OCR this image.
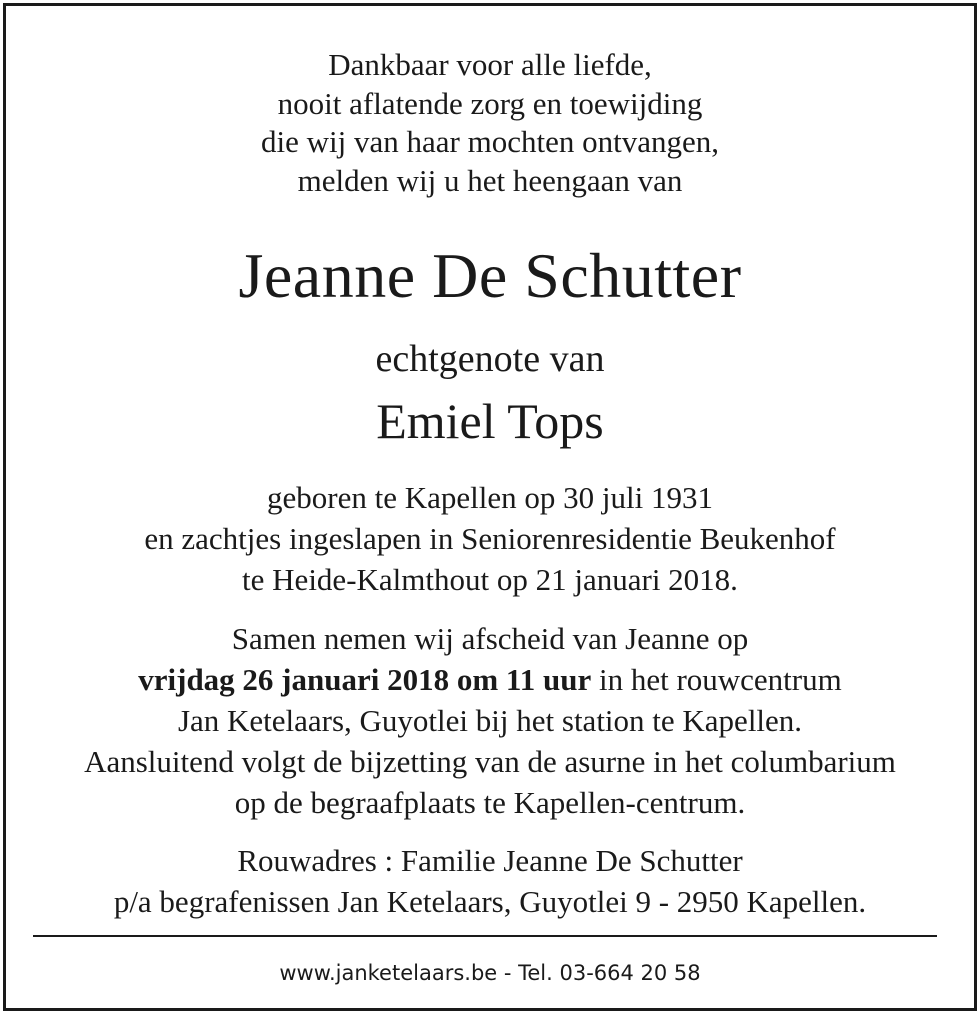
Dankbaar voor alle liefde,
nooit aflatende zorg en toewijding
die wij van haar mochten ontvangen,
melden wij u het heengaan van
Jeanne De Schutter
echtgenote van
Emiel Tops
geboren te Kapellen op 30 juli 1931
en zachtjes ingeslapen in Seniorenresidentie Beukenhof
te Heide-Kalmthout op 21 januari 2018.
Samen nemen wij afscheid van Jeanne op
vrijdag 26 januari 2018 om 11 uur in het rouwcentrum
Jan Ketelaars, Guyotlei bij het station te Kapellen.
Aansluitend volgt de bijzetting van de asurne in het columbarium
op de begraafplaats te Kapellen-centrum.
Rouwadres : Familie Jeanne De Schutter
p/a begrafenissen Jan Ketelaars, Guyotlei 9 - 2950 Kapellen.
www.janketelaars.be - Tel. 03-664 20 58
